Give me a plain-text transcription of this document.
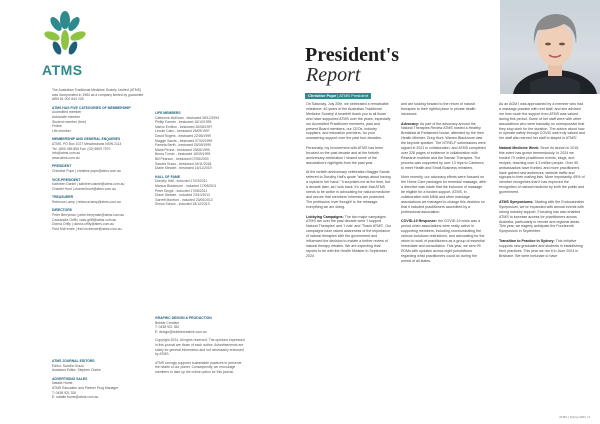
ATMS
The Australian Traditional Medicine Society Limited (ATMS) was incorporated in 1984 as a company limited by guarantee ABN 81 002 844 225.
ATMS HAS FIVE CATEGORIES OF MEMBERSHIP
Accredited member
Associate member
Student member (free)
Fellow
Life member
MEMBERSHIP AND GENERAL ENQUIRIES
ATMS, PO Box 1027 Meadowbank NSW 2114
Tel: 1800 456 855 Fax: (02) 9809 7570
info@atms.com.au
www.atms.com.au
PRESIDENT
Christine Pope | christine.pope@atms.com.au
VICE-PRESIDENT
Kathleen Daniel | kathleen.daniel@atms.com.au
Chantel Hunt | chantel.hunt@atms.com.au
TREASURER
Rebecca Lamp | rebecca.lamp@atms.com.au
DIRECTORS
Peter Berryman | peter.berryman@atms.com.au
Cassandra Griffi | cass.griffi@atms.com.au
Donna Orfily | donna.orfily@atms.com.au
Fred McKenzie | fred.mckenzie@atms.com.au
LIFE MEMBERS
Catherine McEwan - bestowed 08/12/1994
Phillip Farmer - bestowed 16/10/1995
Narico Emilion - bestowed 26/08/1997
Leonie Cairo - bestowed 25/09/1997
David Rogers - bestowed 22/05/1999
Maggie Sands - bestowed 07/04/1999
Pamela Berth - bestowed 05/09/1999
Maria Penna - bestowed 03/06/1999
Berna Turner - bestowed 18/09/1999
Bill Pearson - bestowed 07/08/2003
Sandra Grazo - bestowed 18/11/2018
Diane Stewart - bestowed 16/11/2019
HALL OF FAME
Dorothy Hall - inducted 17/03/2011
Marcus Blackmore - inducted 17/08/2011
Peter Dingle - inducted 17/08/2011
Diane Stewart - inducted 23/10/2012
Garrett Moreton - inducted 23/06/2013
Simon Schulz - inducted 18/12/2013
ATMS JOURNAL EDITORS
Editor: Sandra Grazo
Assistant Editor: Stephen Clarke
ADVERTISING SALES
Natalie Hume
ATMS Education and Partner Prog Manager
T: 0438 921 326
E: natalie.hume@atms.com.au
GRAPHIC DESIGN & PRODUCTION
Bubble Creative
T: 0438 921 352
E: design@bubblecreative.com.au
Copyright 2024. All rights reserved. The opinions expressed in this journal are those of each author. Advertisements are solely for general information and not necessarily endorsed by ATMS.
ATMS strongly supports sustainable practices to preserve the health of our planet. Consequently, we encourage members to take up the online option for this journal.
President's
Report
Christine Pope | ATMS President

On Saturday, July 20th, we celebrated a remarkable milestone: 40 years of the Australian Traditional Medicine Society! A heartfelt thank you to all those who have supported ATMS over the years, especially our Accredited Practitioner members, past and present Board members, our CEOs, industry suppliers, and education providers, for your unwavering support over the past four decades.

Personally, my involvement with ATMS has been focused on the past decade and at the fortieth anniversary celebration I shared some of the association's highlights from the past year.

At the fortieth anniversary celebration Maggie Sands referred to Dorothy Hall's quote "always about having a crystal in her hand." It surprised me at the time, but a decade later, as I look back, it's clear that ATMS needs to be active in advocating for natural medicine and secure that members' interests are protected. The profession 'ever thought' is the message, everything we are doing.

Lobbying Campaigns: The two major campaigns ATMS ran over the past decade were 'I support Natural Therapies' and 'I vote' and 'Thank ATMS'. Our campaigns have raised awareness of the importance of natural therapies with the government and influenced the decision to instate a further review of natural therapy rebates. We are expecting final reports to be with the Health Minister in September 2024

and are looking forward to the return of natural therapies to their rightful place in private health insurance.

Advocacy: As part of the advocacy around the Natural Therapies Review ATMS hosted a Healthy Breakfast at Parliament house, attended by the then Health Minister, Greg Hunt. Warren Blackmore was the keynote speaker. The NTRELF submissions were signed in 2021 in collaboration, and ATMS completed over 326 pages of evidence in collaboration with Research Institute and the Samari Therapies. The process was supported by over 13 trips to Canberra to meet Health and Small Business ministers.

More recently, our advocacy efforts were focused on the Home Care packages for remedial massage, after a directive was made that the inclusion of massage be eligible for a funded support. ATMS, in collaboration with MMA and other massage associations we managed to change this decision so that it included practitioners accredited by a professional association.

COVID-19 Response: the COVID-19 crisis was a period when associations were really active in supporting members, including communicating the various lockdown restrictions, and advocating for the return to work of practitioners as a group of essential immediate and consultation. This year, we sent 99 EDMs with updates across eight jurisdictions regarding what practitioners could do during the unrest of all states.

As an AGM I was approached by a member who had a massage practice with rent staff, and she advised me how much the support from ATMS was valued during this period. Some of her staff were with other associations who were basically no unresponsive that they stop work for the duration. The advice about how to operate safely through COVID was truly valued and her staff also earned her staff to stayed in ATMS!

Natural Medicine Week: Since its launch in 2016, this event has grown tremendously. In 2024 we hosted 79 online practitioner events, blogs, and recipes, reaching over 4.3 million people. Over 50 ambassadors have fronted, and more practitioners have gained new audiences, website traffic and signups to their mailing lists. More importantly, 65% of member recognises that it has improved the recognition of natural medicine by both the public and government.

ATMS Symposiums: Starting with the Endocannabis Symposium, we've expanded with annual events with strong industry support. Focusing has also enabled ATMS to increase access for practitioners across Australia, particularly in remote and regional areas. This year, we eagerly anticipate the Fourteenth Symposium in September.

Transition to Practice in Sydney: This initiative supports new graduates and students in establishing their practices. This year we ran it in June 2024 in Brisbane. We were fortunate to have

ATMS | Spring 2024 | 3
